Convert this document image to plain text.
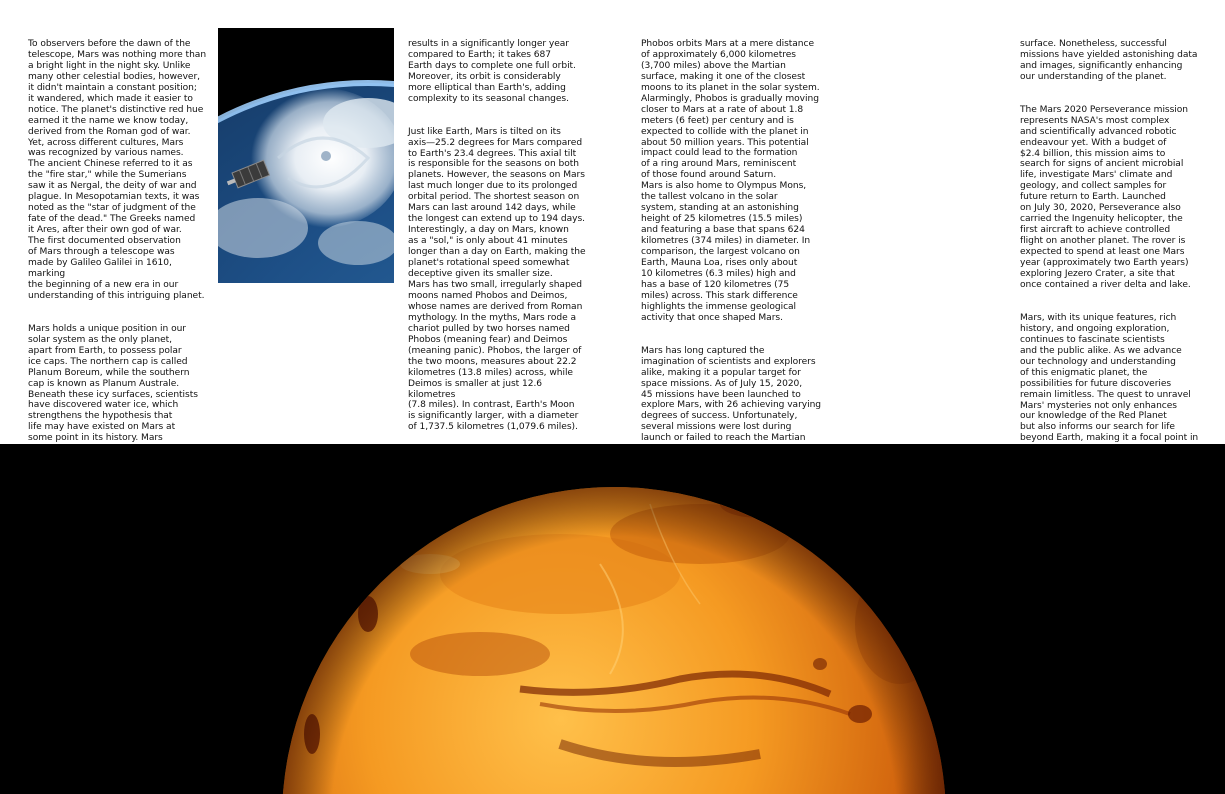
To observers before the dawn of the
telescope, Mars was nothing more than
a bright light in the night sky. Unlike
many other celestial bodies, however,
it didn't maintain a constant position;
it wandered, which made it easier to
notice. The planet's distinctive red hue
earned it the name we know today,
derived from the Roman god of war.
Yet, across different cultures, Mars
was recognized by various names.
The ancient Chinese referred to it as
the "fire star," while the Sumerians
saw it as Nergal, the deity of war and
plague. In Mesopotamian texts, it was
noted as the "star of judgment of the
fate of the dead." The Greeks named
it Ares, after their own god of war.
The first documented observation
of Mars through a telescope was
made by Galileo Galilei in 1610, marking
the beginning of a new era in our
understanding of this intriguing planet.

Mars holds a unique position in our
solar system as the only planet,
apart from Earth, to possess polar
ice caps. The northern cap is called
Planum Boreum, while the southern
cap is known as Planum Australe.
Beneath these icy surfaces, scientists
have discovered water ice, which
strengthens the hypothesis that
life may have existed on Mars at
some point in its history. Mars

results in a significantly longer year
compared to Earth; it takes 687
Earth days to complete one full orbit.
Moreover, its orbit is considerably
more elliptical than Earth's, adding
complexity to its seasonal changes.

Just like Earth, Mars is tilted on its
axis—25.2 degrees for Mars compared
to Earth's 23.4 degrees. This axial tilt
is responsible for the seasons on both
planets. However, the seasons on Mars
last much longer due to its prolonged
orbital period. The shortest season on
Mars can last around 142 days, while
the longest can extend up to 194 days.
Interestingly, a day on Mars, known
as a "sol," is only about 41 minutes
longer than a day on Earth, making the
planet's rotational speed somewhat
deceptive given its smaller size.
Mars has two small, irregularly shaped
moons named Phobos and Deimos,
whose names are derived from Roman
mythology. In the myths, Mars rode a
chariot pulled by two horses named
Phobos (meaning fear) and Deimos
(meaning panic). Phobos, the larger of
the two moons, measures about 22.2
kilometres (13.8 miles) across, while
Deimos is smaller at just 12.6 kilometres
(7.8 miles). In contrast, Earth's Moon
is significantly larger, with a diameter
of 1,737.5 kilometres (1,079.6 miles).

Phobos orbits Mars at a mere distance
of approximately 6,000 kilometres
(3,700 miles) above the Martian
surface, making it one of the closest
moons to its planet in the solar system.
Alarmingly, Phobos is gradually moving
closer to Mars at a rate of about 1.8
meters (6 feet) per century and is
expected to collide with the planet in
about 50 million years. This potential
impact could lead to the formation
of a ring around Mars, reminiscent
of those found around Saturn.
Mars is also home to Olympus Mons,
the tallest volcano in the solar
system, standing at an astonishing
height of 25 kilometres (15.5 miles)
and featuring a base that spans 624
kilometres (374 miles) in diameter. In
comparison, the largest volcano on
Earth, Mauna Loa, rises only about
10 kilometres (6.3 miles) high and
has a base of 120 kilometres (75
miles) across. This stark difference
highlights the immense geological
activity that once shaped Mars.

Mars has long captured the
imagination of scientists and explorers
alike, making it a popular target for
space missions. As of July 15, 2020,
45 missions have been launched to
explore Mars, with 26 achieving varying
degrees of success. Unfortunately,
several missions were lost during
launch or failed to reach the Martian

surface. Nonetheless, successful
missions have yielded astonishing data
and images, significantly enhancing
our understanding of the planet.

The Mars 2020 Perseverance mission
represents NASA's most complex
and scientifically advanced robotic
endeavour yet. With a budget of
$2.4 billion, this mission aims to
search for signs of ancient microbial
life, investigate Mars' climate and
geology, and collect samples for
future return to Earth. Launched
on July 30, 2020, Perseverance also
carried the Ingenuity helicopter, the
first aircraft to achieve controlled
flight on another planet. The rover is
expected to spend at least one Mars
year (approximately two Earth years)
exploring Jezero Crater, a site that
once contained a river delta and lake.

Mars, with its unique features, rich
history, and ongoing exploration,
continues to fascinate scientists
and the public alike. As we advance
our technology and understanding
of this enigmatic planet, the
possibilities for future discoveries
remain limitless. The quest to unravel
Mars' mysteries not only enhances
our knowledge of the Red Planet
but also informs our search for life
beyond Earth, making it a focal point in
